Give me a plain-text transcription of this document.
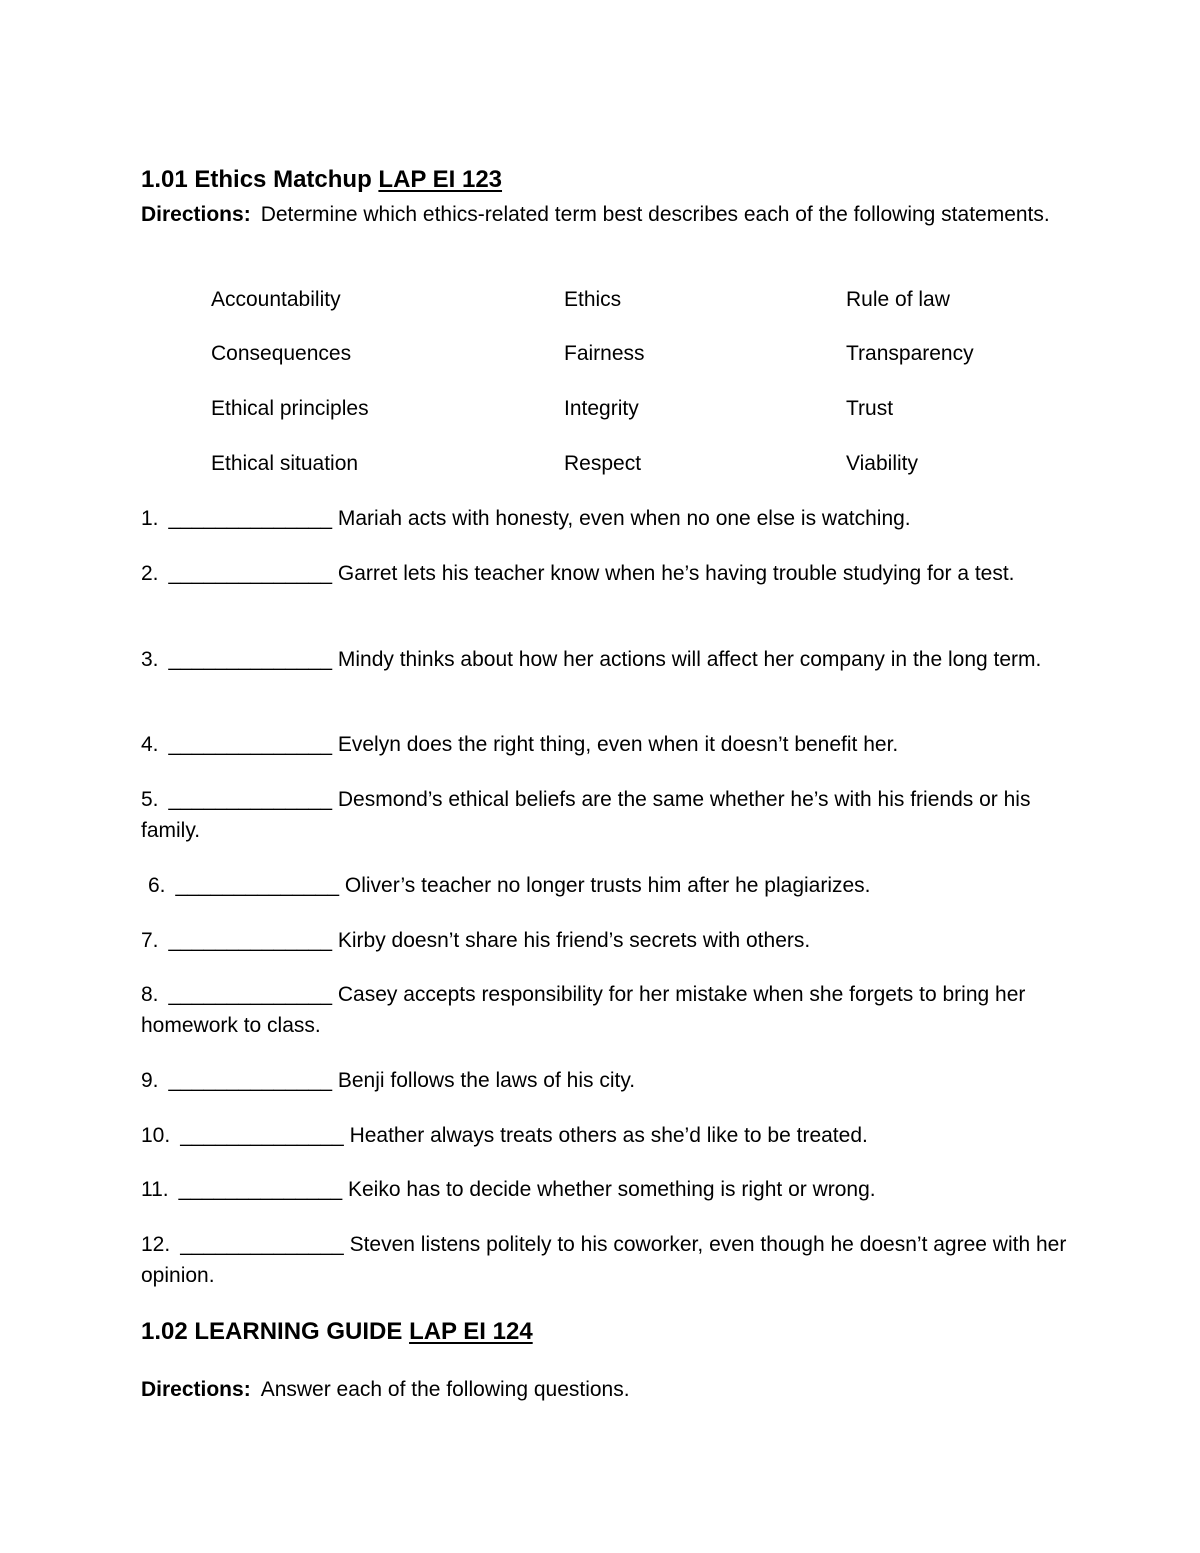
1.01 Ethics Matchup LAP EI 123

Directions: Determine which ethics-related term best describes each of the following statements.

Accountability	Ethics	Rule of law

Consequences	Fairness	Transparency

Ethical principles	Integrity	Trust

Ethical situation	Respect	Viability

1. ______________ Mariah acts with honesty, even when no one else is watching.

2. ______________ Garret lets his teacher know when he’s having trouble studying for a test.

3. ______________ Mindy thinks about how her actions will affect her company in the long term.

4. ______________ Evelyn does the right thing, even when it doesn’t benefit her.

5. ______________ Desmond’s ethical beliefs are the same whether he’s with his friends or his family.

6. ______________ Oliver’s teacher no longer trusts him after he plagiarizes.

7. ______________ Kirby doesn’t share his friend’s secrets with others.

8. ______________ Casey accepts responsibility for her mistake when she forgets to bring her homework to class.

9. ______________ Benji follows the laws of his city.

10. ______________ Heather always treats others as she’d like to be treated.

11. ______________ Keiko has to decide whether something is right or wrong.

12. ______________ Steven listens politely to his coworker, even though he doesn’t agree with her opinion.

1.02 LEARNING GUIDE LAP EI 124

Directions: Answer each of the following questions.
